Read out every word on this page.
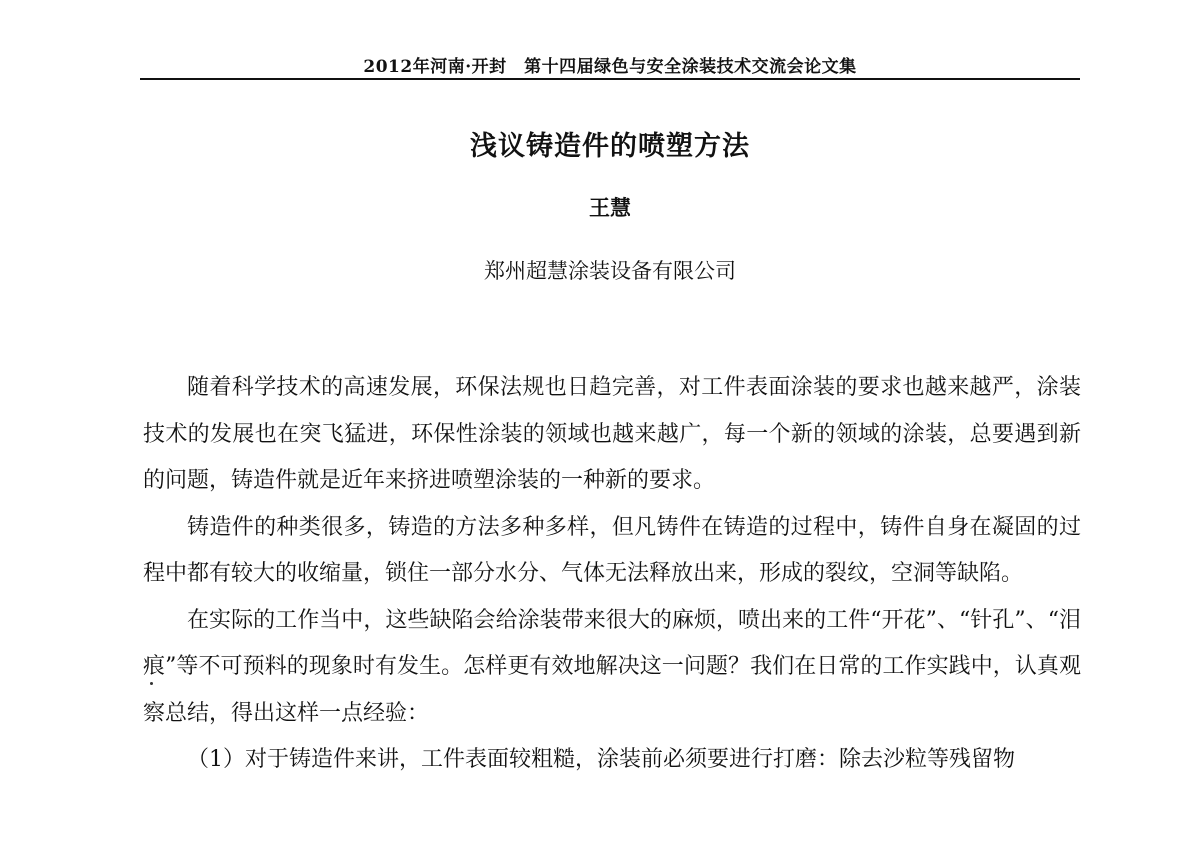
2012年河南·开封　第十四届绿色与安全涂装技术交流会论文集
浅议铸造件的喷塑方法
王慧
郑州超慧涂装设备有限公司

随着科学技术的高速发展，环保法规也日趋完善，对工件表面涂装的要求也越来越严，涂装技术的发展也在突飞猛进，环保性涂装的领域也越来越广，每一个新的领域的涂装，总要遇到新的问题，铸造件就是近年来挤进喷塑涂装的一种新的要求。

铸造件的种类很多，铸造的方法多种多样，但凡铸件在铸造的过程中，铸件自身在凝固的过程中都有较大的收缩量，锁住一部分水分、气体无法释放出来，形成的裂纹，空洞等缺陷。

在实际的工作当中，这些缺陷会给涂装带来很大的麻烦，喷出来的工件“开花”、“针孔”、“泪痕”等不可预料的现象时有发生。怎样更有效地解决这一问题？我们在日常的工作实践中，认真观察总结，得出这样一点经验：

（1）对于铸造件来讲，工件表面较粗糙，涂装前必须要进行打磨：除去沙粒等残留物
